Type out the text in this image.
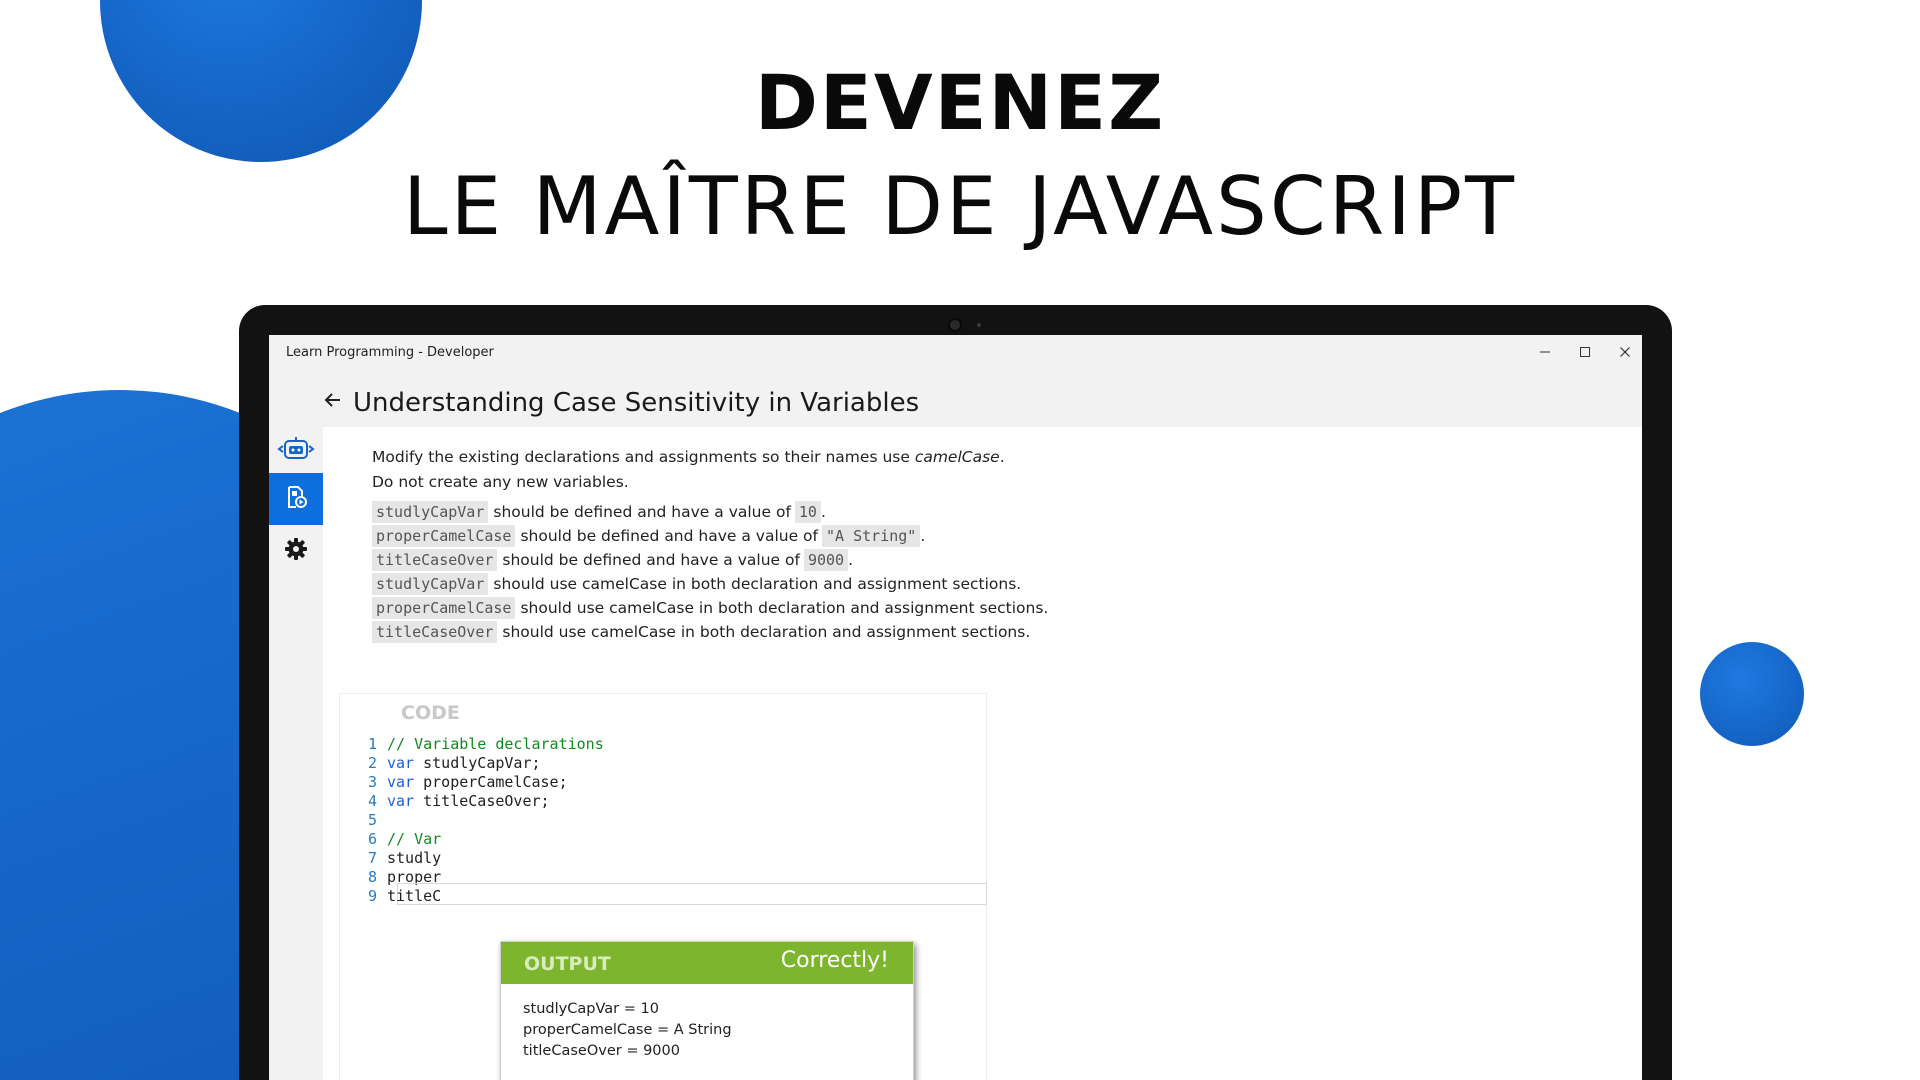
DEVENEZ
LE MAÎTRE DE JAVASCRIPT
Learn Programming - Developer
Understanding Case Sensitivity in Variables
Modify the existing declarations and assignments so their names use camelCase.
Do not create any new variables.
studlyCapVar should be defined and have a value of 10 .
properCamelCase should be defined and have a value of "A String" .
titleCaseOver should be defined and have a value of 9000 .
studlyCapVar should use camelCase in both declaration and assignment sections.
properCamelCase should use camelCase in both declaration and assignment sections.
titleCaseOver should use camelCase in both declaration and assignment sections.
CODE
1 // Variable declarations
2 var studlyCapVar;
3 var properCamelCase;
4 var titleCaseOver;
5
6 // Var
7 studly
8 proper
9 titleC
OUTPUT	Correctly!
studlyCapVar = 10
properCamelCase = A String
titleCaseOver = 9000
